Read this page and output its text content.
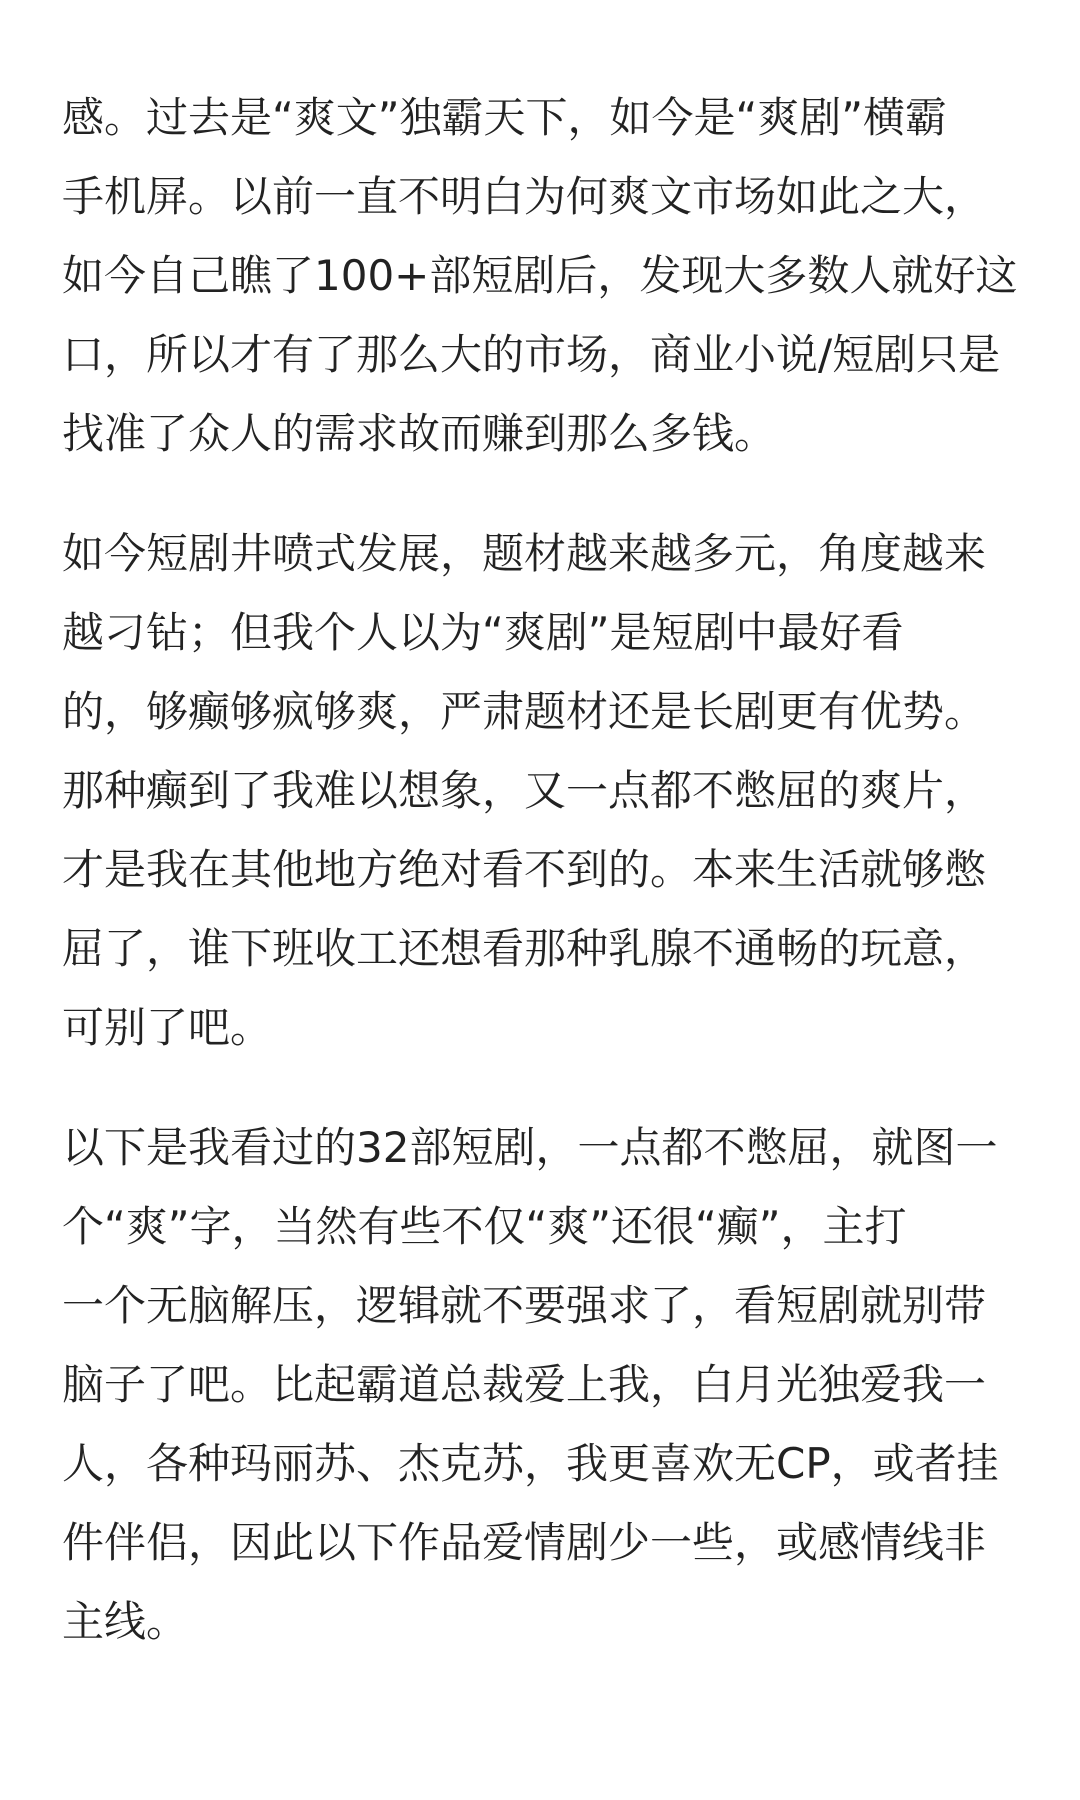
感。过去是“爽文”独霸天下，如今是“爽剧”横霸
手机屏。以前一直不明白为何爽文市场如此之大，
如今自己瞧了100+部短剧后，发现大多数人就好这
口，所以才有了那么大的市场，商业小说/短剧只是
找准了众人的需求故而赚到那么多钱。
如今短剧井喷式发展，题材越来越多元，角度越来
越刁钻；但我个人以为“爽剧”是短剧中最好看
的，够癫够疯够爽，严肃题材还是长剧更有优势。
那种癫到了我难以想象，又一点都不憋屈的爽片，
才是我在其他地方绝对看不到的。本来生活就够憋
屈了，谁下班收工还想看那种乳腺不通畅的玩意，
可别了吧。
以下是我看过的32部短剧，一点都不憋屈，就图一
个“爽”字，当然有些不仅“爽”还很“癫”，主打
一个无脑解压，逻辑就不要强求了，看短剧就别带
脑子了吧。比起霸道总裁爱上我，白月光独爱我一
人，各种玛丽苏、杰克苏，我更喜欢无CP，或者挂
件伴侣，因此以下作品爱情剧少一些，或感情线非
主线。
